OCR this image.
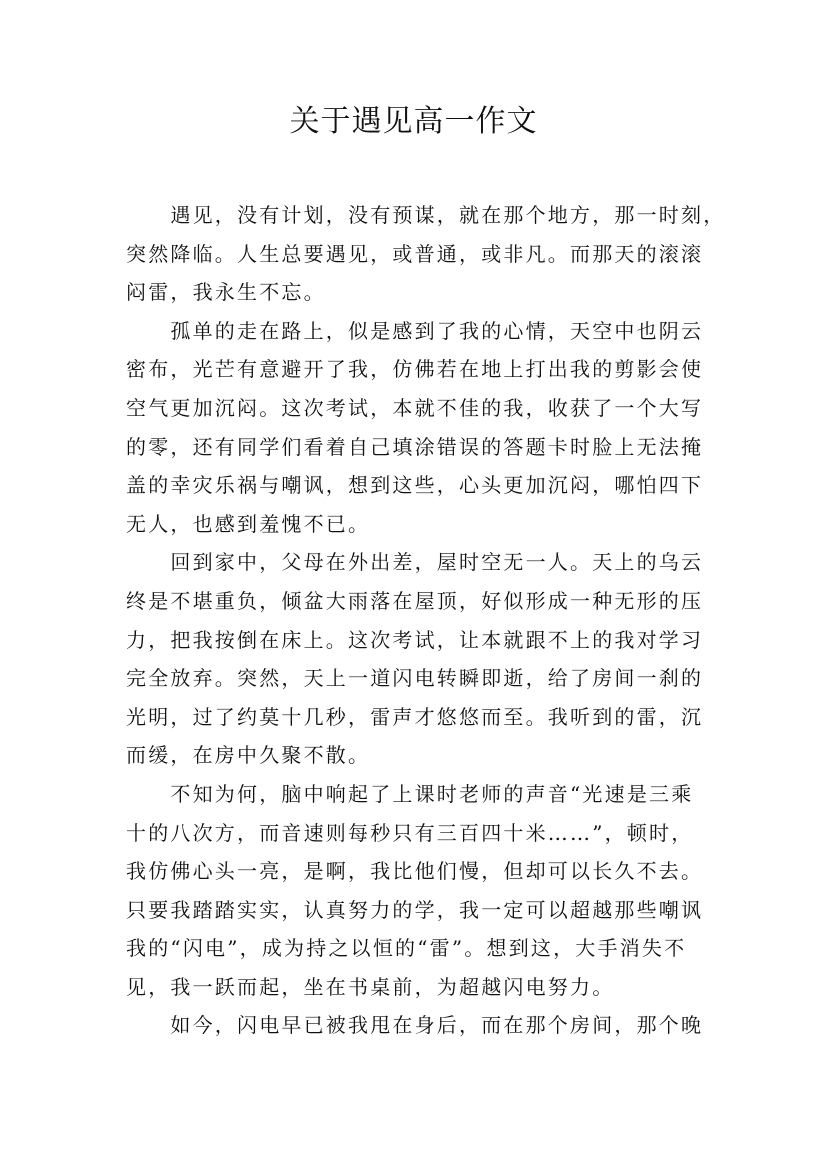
关于遇见高一作文
　　遇见，没有计划，没有预谋，就在那个地方，那一时刻，
突然降临。人生总要遇见，或普通，或非凡。而那天的滚滚
闷雷，我永生不忘。
　　孤单的走在路上，似是感到了我的心情，天空中也阴云
密布，光芒有意避开了我，仿佛若在地上打出我的剪影会使
空气更加沉闷。这次考试，本就不佳的我，收获了一个大写
的零，还有同学们看着自己填涂错误的答题卡时脸上无法掩
盖的幸灾乐祸与嘲讽，想到这些，心头更加沉闷，哪怕四下
无人，也感到羞愧不已。
　　回到家中，父母在外出差，屋时空无一人。天上的乌云
终是不堪重负，倾盆大雨落在屋顶，好似形成一种无形的压
力，把我按倒在床上。这次考试，让本就跟不上的我对学习
完全放弃。突然，天上一道闪电转瞬即逝，给了房间一刹的
光明，过了约莫十几秒，雷声才悠悠而至。我听到的雷，沉
而缓，在房中久聚不散。
　　不知为何，脑中响起了上课时老师的声音“光速是三乘
十的八次方，而音速则每秒只有三百四十米……”，顿时，
我仿佛心头一亮，是啊，我比他们慢，但却可以长久不去。
只要我踏踏实实，认真努力的学，我一定可以超越那些嘲讽
我的“闪电”，成为持之以恒的“雷”。想到这，大手消失不
见，我一跃而起，坐在书桌前，为超越闪电努力。
　　如今，闪电早已被我甩在身后，而在那个房间，那个晚
